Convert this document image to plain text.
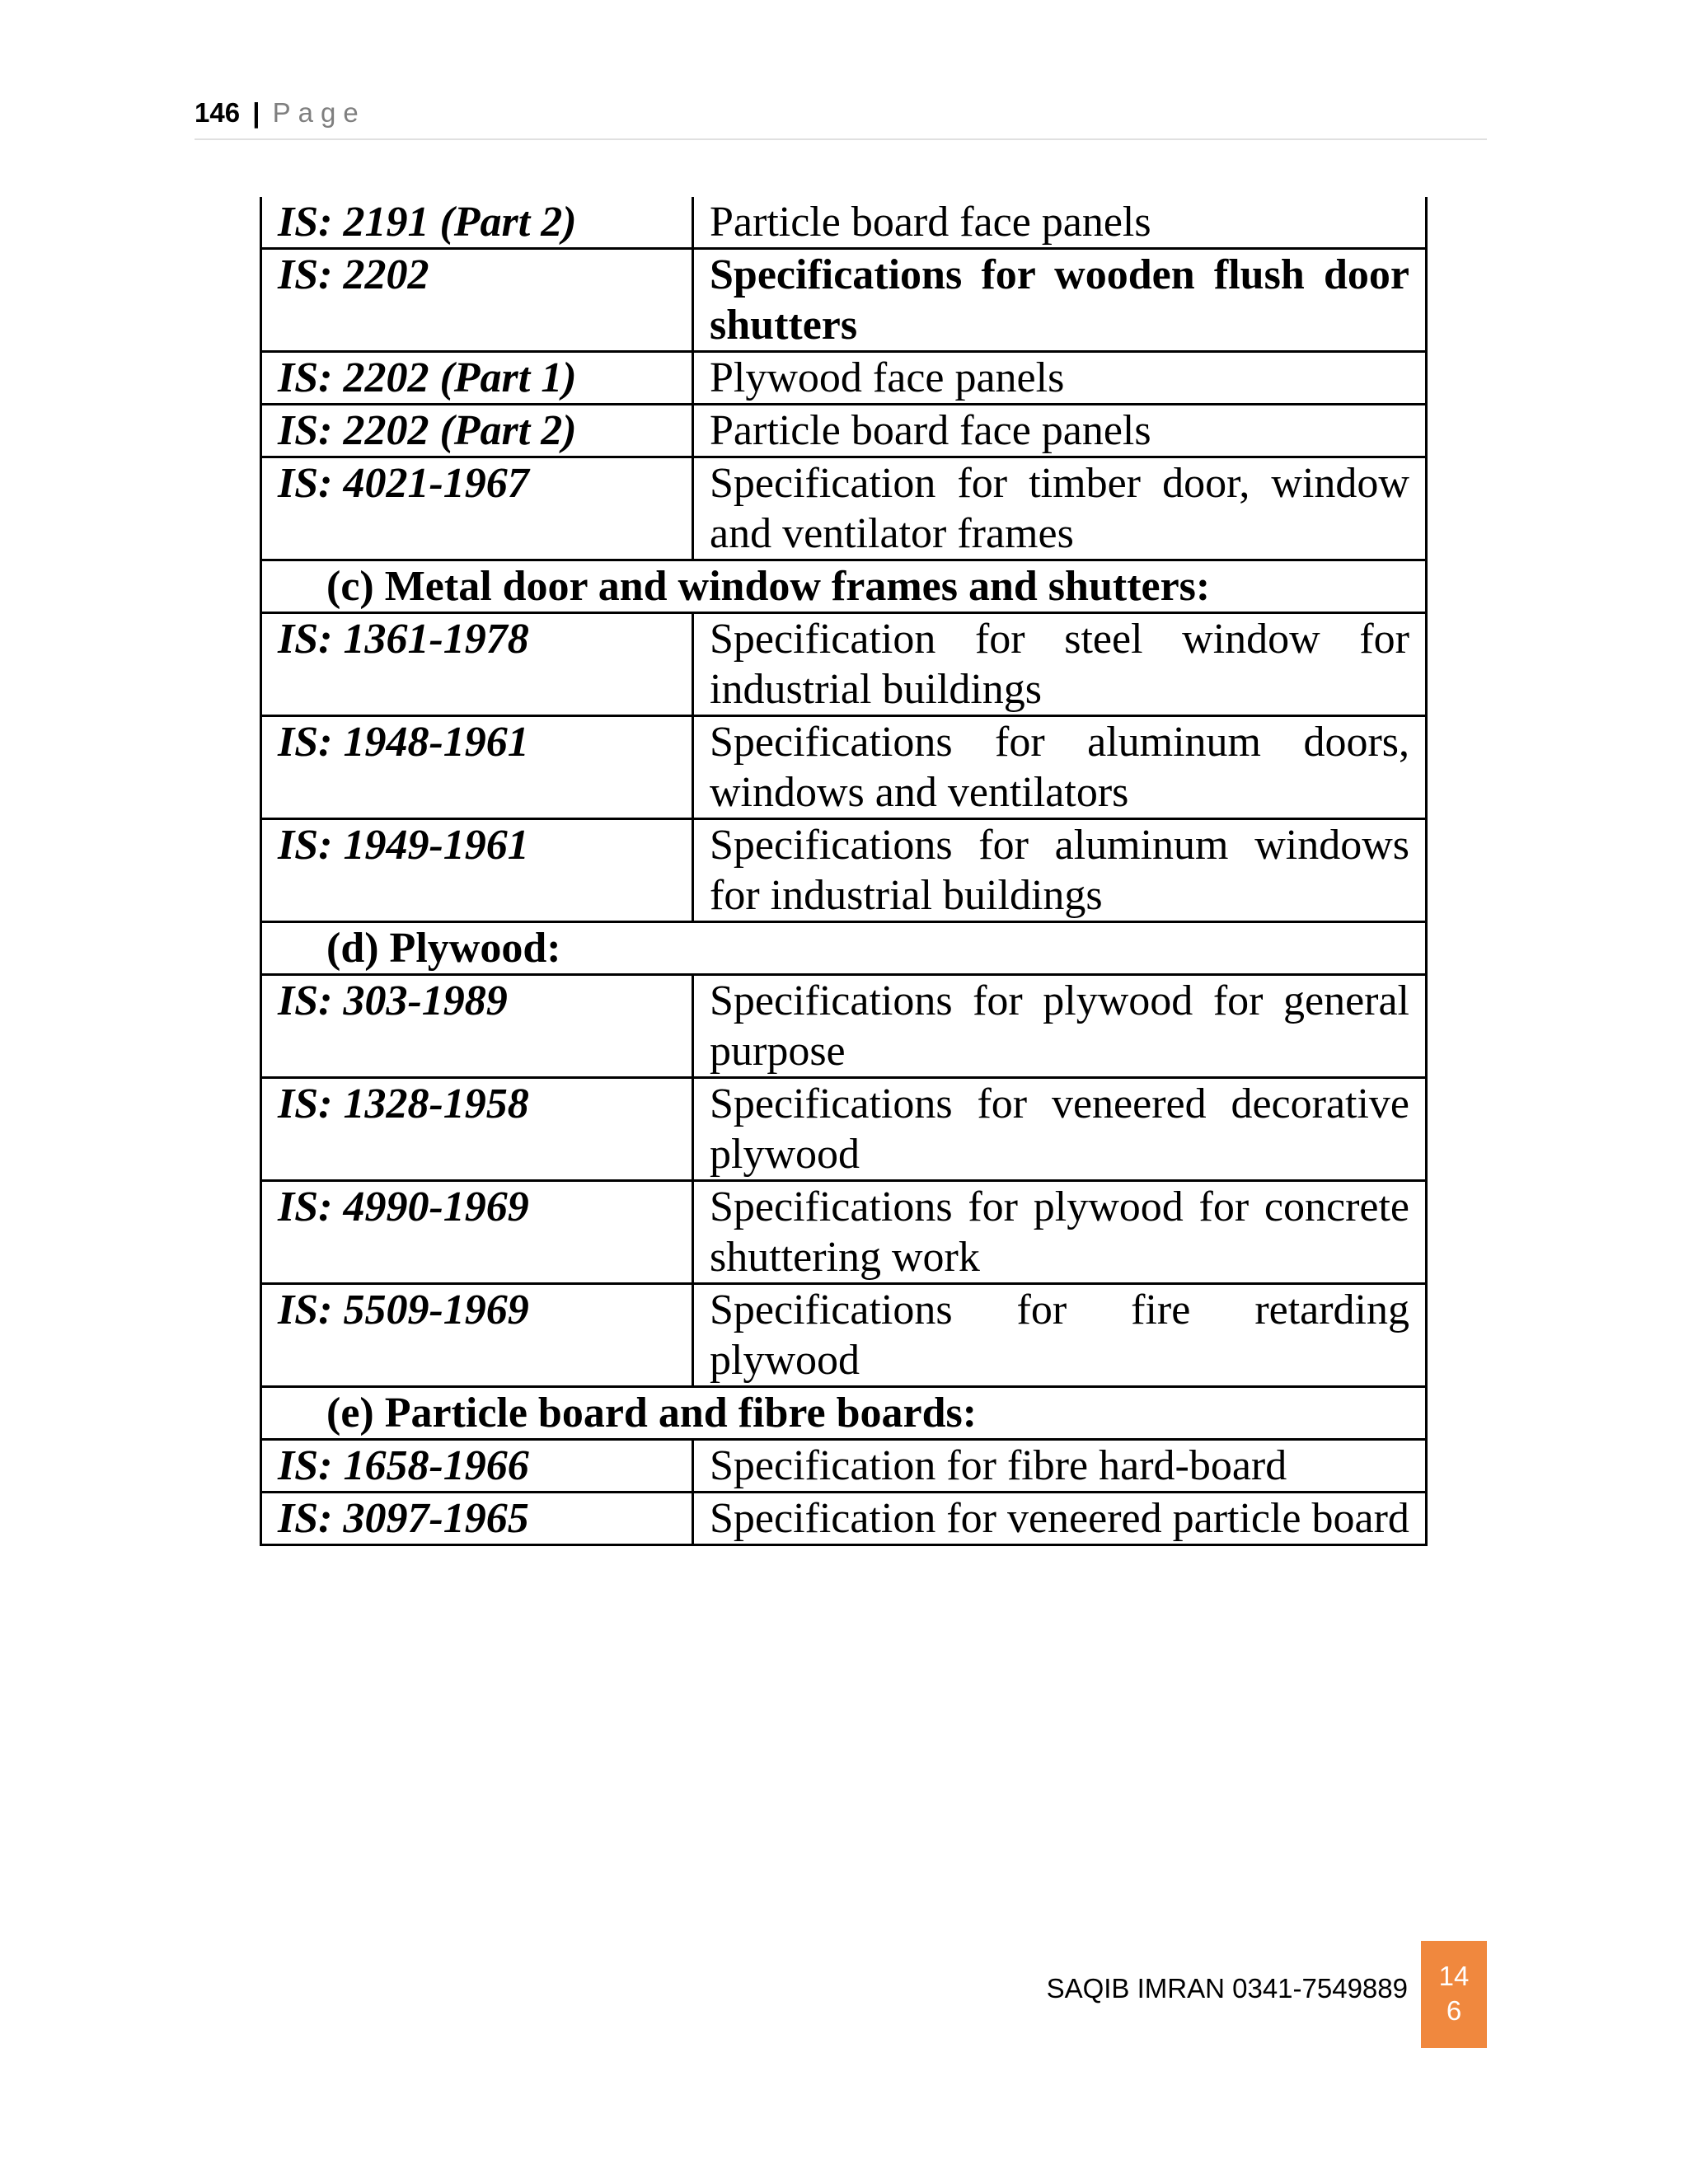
146 | Page
IS: 2191 (Part 2)	Particle board face panels
IS: 2202	Specifications for wooden flush door shutters
IS: 2202 (Part 1)	Plywood face panels
IS: 2202 (Part 2)	Particle board face panels
IS: 4021-1967	Specification for timber door, window and ventilator frames
(c) Metal door and window frames and shutters:	
IS: 1361-1978	Specification for steel window for industrial buildings
IS: 1948-1961	Specifications for aluminum doors, windows and ventilators
IS: 1949-1961	Specifications for aluminum windows for industrial buildings
(d) Plywood:	
IS: 303-1989	Specifications for plywood for general purpose
IS: 1328-1958	Specifications for veneered decorative plywood
IS: 4990-1969	Specifications for plywood for concrete shuttering work
IS: 5509-1969	Specifications for fire retarding plywood
(e) Particle board and fibre boards:	
IS: 1658-1966	Specification for fibre hard-board
IS: 3097-1965	Specification for veneered particle board
SAQIB IMRAN 0341-7549889	14
6
